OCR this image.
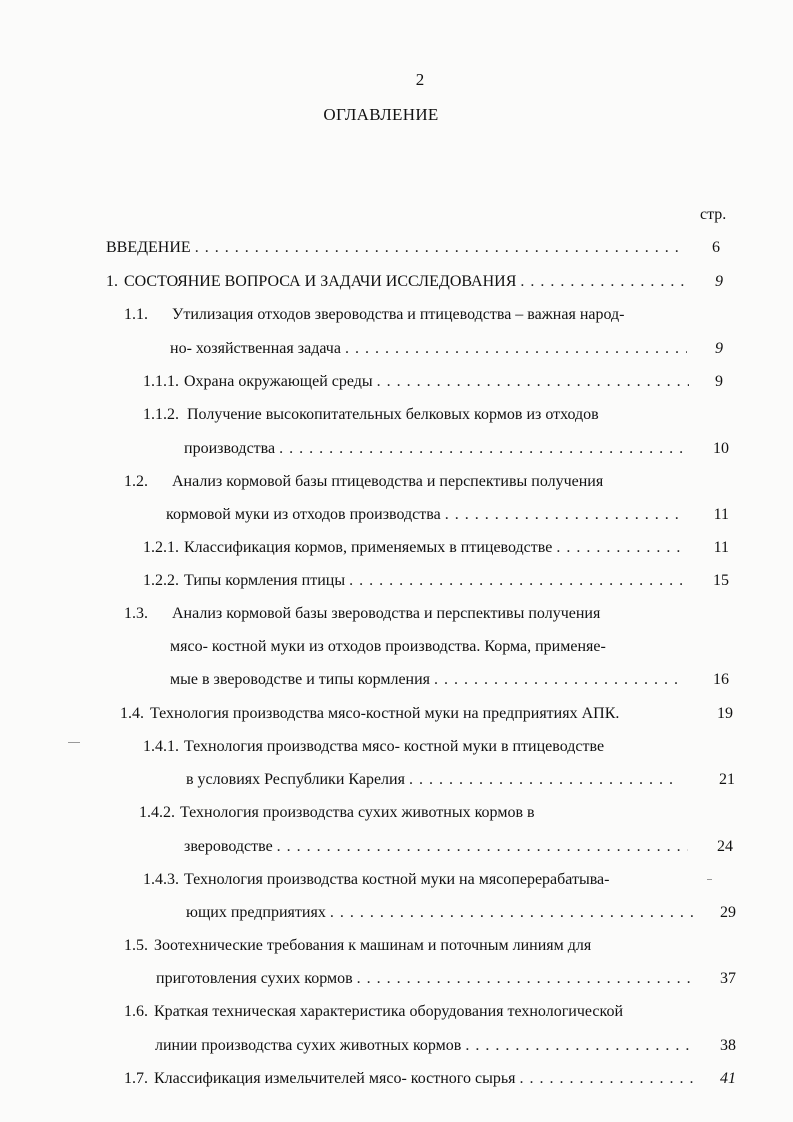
2
ОГЛАВЛЕНИЕ
стр.
ВВЕДЕНИЕ . . .	6
1. СОСТОЯНИЕ ВОПРОСА И ЗАДАЧИ ИССЛЕДОВАНИЯ . . .	9
1.1. Утилизация отходов звероводства и птицеводства – важная народ-
но- хозяйственная задача . . .	9
1.1.1. Охрана окружающей среды . . .	9
1.1.2. Получение высокопитательных белковых кормов из отходов
производства . . .	10
1.2. Анализ кормовой базы птицеводства и перспективы получения
кормовой муки из отходов производства . . .	11
1.2.1. Классификация кормов, применяемых в птицеводстве . . .	11
1.2.2. Типы кормления птицы . . .	15
1.3. Анализ кормовой базы звероводства и перспективы получения
мясо- костной муки из отходов производства. Корма, применяе-
мые в звероводстве и типы кормления . . .	16
1.4. Технология производства мясо-костной муки на предприятиях АПК.	19
1.4.1. Технология производства мясо- костной муки в птицеводстве
в условиях Республики Карелия . . .	21
1.4.2. Технология производства сухих животных кормов в
звероводстве . . .	24
1.4.3. Технология производства костной муки на мясоперерабатыва-
ющих предприятиях . . .	29
1.5. Зоотехнические требования к машинам и поточным линиям для
приготовления сухих кормов . . .	37
1.6. Краткая техническая характеристика оборудования технологической
линии производства сухих животных кормов . . .	38
1.7. Классификация измельчителей мясо- костного сырья . . .	41
